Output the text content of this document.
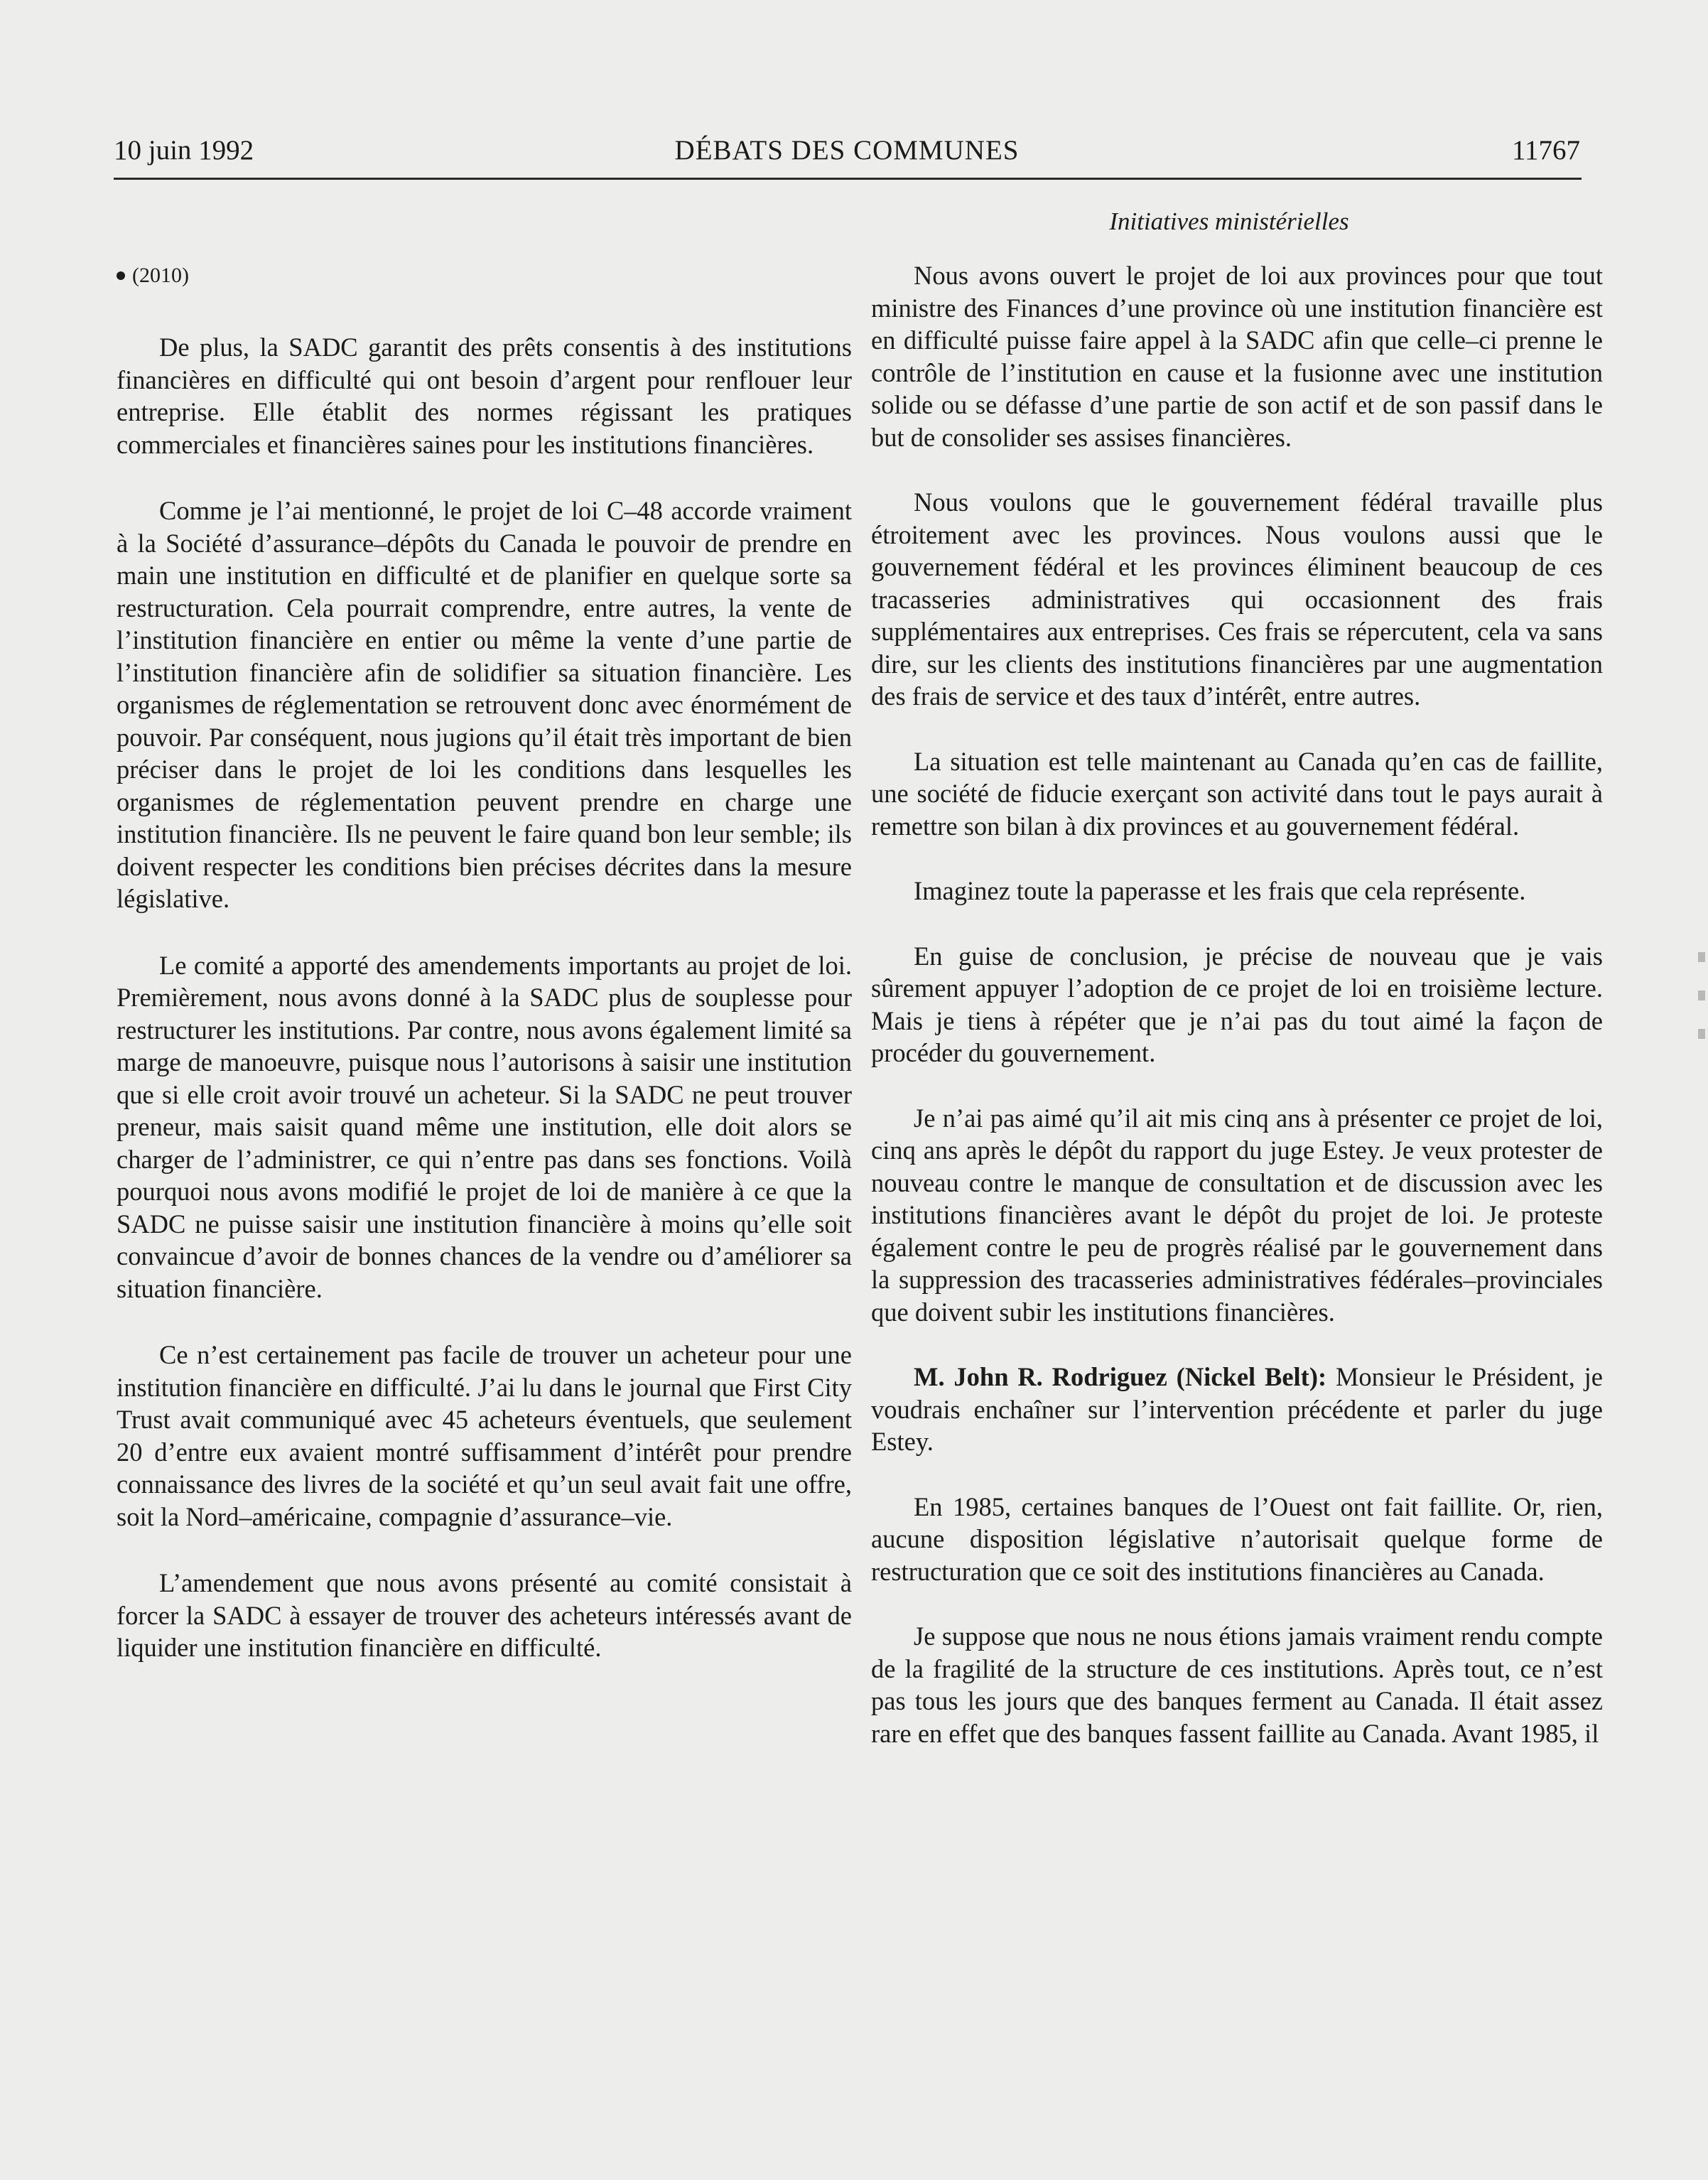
10 juin 1992	DÉBATS DES COMMUNES	11767
Initiatives ministérielles
(2010)

De plus, la SADC garantit des prêts consentis à des institutions financières en difficulté qui ont besoin d’argent pour renflouer leur entreprise. Elle établit des normes régissant les pratiques commerciales et financières saines pour les institutions financières.

Comme je l’ai mentionné, le projet de loi C–48 accorde vraiment à la Société d’assurance–dépôts du Canada le pouvoir de prendre en main une institution en difficulté et de planifier en quelque sorte sa restructuration. Cela pourrait comprendre, entre autres, la vente de l’institution financière en entier ou même la vente d’une partie de l’institution financière afin de solidifier sa situation financière. Les organismes de réglementation se retrouvent donc avec énormément de pouvoir. Par conséquent, nous jugions qu’il était très important de bien préciser dans le projet de loi les conditions dans lesquelles les organismes de réglementation peuvent prendre en charge une institution financière. Ils ne peuvent le faire quand bon leur semble; ils doivent respecter les conditions bien précises décrites dans la mesure législative.

Le comité a apporté des amendements importants au projet de loi. Premièrement, nous avons donné à la SADC plus de souplesse pour restructurer les institutions. Par contre, nous avons également limité sa marge de manoeuvre, puisque nous l’autorisons à saisir une institution que si elle croit avoir trouvé un acheteur. Si la SADC ne peut trouver preneur, mais saisit quand même une institution, elle doit alors se charger de l’administrer, ce qui n’entre pas dans ses fonctions. Voilà pourquoi nous avons modifié le projet de loi de manière à ce que la SADC ne puisse saisir une institution financière à moins qu’elle soit convaincue d’avoir de bonnes chances de la vendre ou d’améliorer sa situation financière.

Ce n’est certainement pas facile de trouver un acheteur pour une institution financière en difficulté. J’ai lu dans le journal que First City Trust avait communiqué avec 45 acheteurs éventuels, que seulement 20 d’entre eux avaient montré suffisamment d’intérêt pour prendre connaissance des livres de la société et qu’un seul avait fait une offre, soit la Nord–américaine, compagnie d’assurance–vie.

L’amendement que nous avons présenté au comité consistait à forcer la SADC à essayer de trouver des acheteurs intéressés avant de liquider une institution financière en difficulté.

Nous avons ouvert le projet de loi aux provinces pour que tout ministre des Finances d’une province où une institution financière est en difficulté puisse faire appel à la SADC afin que celle–ci prenne le contrôle de l’institution en cause et la fusionne avec une institution solide ou se défasse d’une partie de son actif et de son passif dans le but de consolider ses assises financières.

Nous voulons que le gouvernement fédéral travaille plus étroitement avec les provinces. Nous voulons aussi que le gouvernement fédéral et les provinces éliminent beaucoup de ces tracasseries administratives qui occasionnent des frais supplémentaires aux entreprises. Ces frais se répercutent, cela va sans dire, sur les clients des institutions financières par une augmentation des frais de service et des taux d’intérêt, entre autres.

La situation est telle maintenant au Canada qu’en cas de faillite, une société de fiducie exerçant son activité dans tout le pays aurait à remettre son bilan à dix provinces et au gouvernement fédéral.

Imaginez toute la paperasse et les frais que cela représente.

En guise de conclusion, je précise de nouveau que je vais sûrement appuyer l’adoption de ce projet de loi en troisième lecture. Mais je tiens à répéter que je n’ai pas du tout aimé la façon de procéder du gouvernement.

Je n’ai pas aimé qu’il ait mis cinq ans à présenter ce projet de loi, cinq ans après le dépôt du rapport du juge Estey. Je veux protester de nouveau contre le manque de consultation et de discussion avec les institutions financières avant le dépôt du projet de loi. Je proteste également contre le peu de progrès réalisé par le gouvernement dans la suppression des tracasseries administratives fédérales–provinciales que doivent subir les institutions financières.

M. John R. Rodriguez (Nickel Belt): Monsieur le Président, je voudrais enchaîner sur l’intervention précédente et parler du juge Estey.

En 1985, certaines banques de l’Ouest ont fait faillite. Or, rien, aucune disposition législative n’autorisait quelque forme de restructuration que ce soit des institutions financières au Canada.

Je suppose que nous ne nous étions jamais vraiment rendu compte de la fragilité de la structure de ces institutions. Après tout, ce n’est pas tous les jours que des banques ferment au Canada. Il était assez rare en effet que des banques fassent faillite au Canada. Avant 1985, il
